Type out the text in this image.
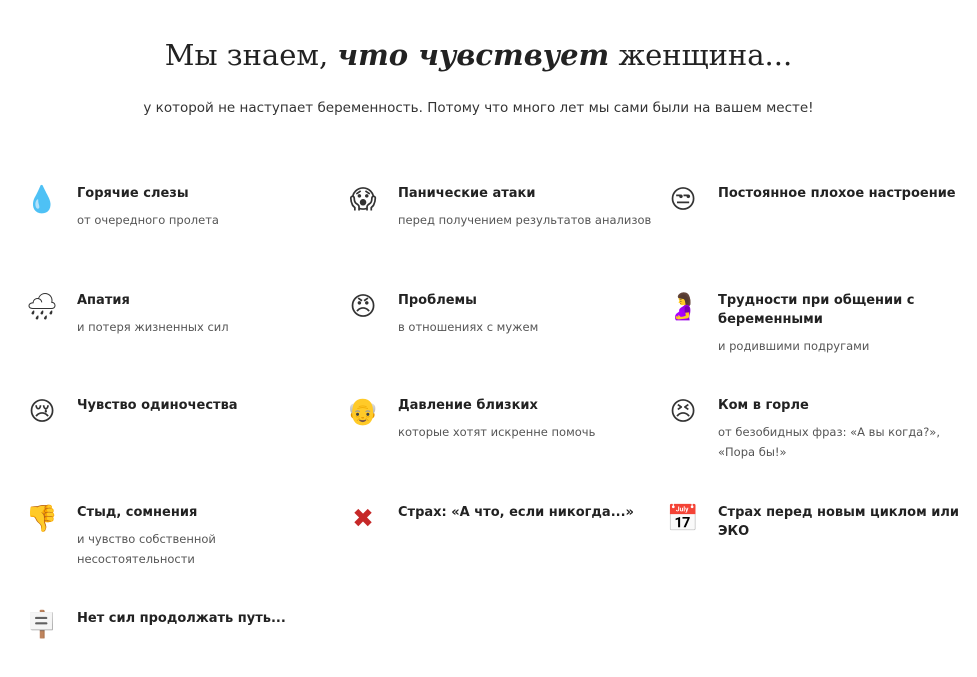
Мы знаем, что чувствует женщина...
у которой не наступает беременность. Потому что много лет мы сами были на вашем месте!
💧 Горячие слезы
от очередного пролета
😱	Панические атаки
перед получением результатов анализов
😒	Постоянное плохое настроение
🌧 Апатия
и потеря жизненных сил
😠	Проблемы
в отношениях с мужем
🤰 Трудности при общении с беременными
и родившими подругами
😢	Чувство одиночества	👴 Давление близких
которые хотят искренне помочь
😣	Ком в горле
от безобидных фраз: «А вы когда?», «Пора бы!»
👎 Стыд, сомнения
и чувство собственной несостоятельности
✖	Страх: «А что, если никогда...»	📅 Страх перед новым циклом или ЭКО
🪧 Нет сил продолжать путь...
